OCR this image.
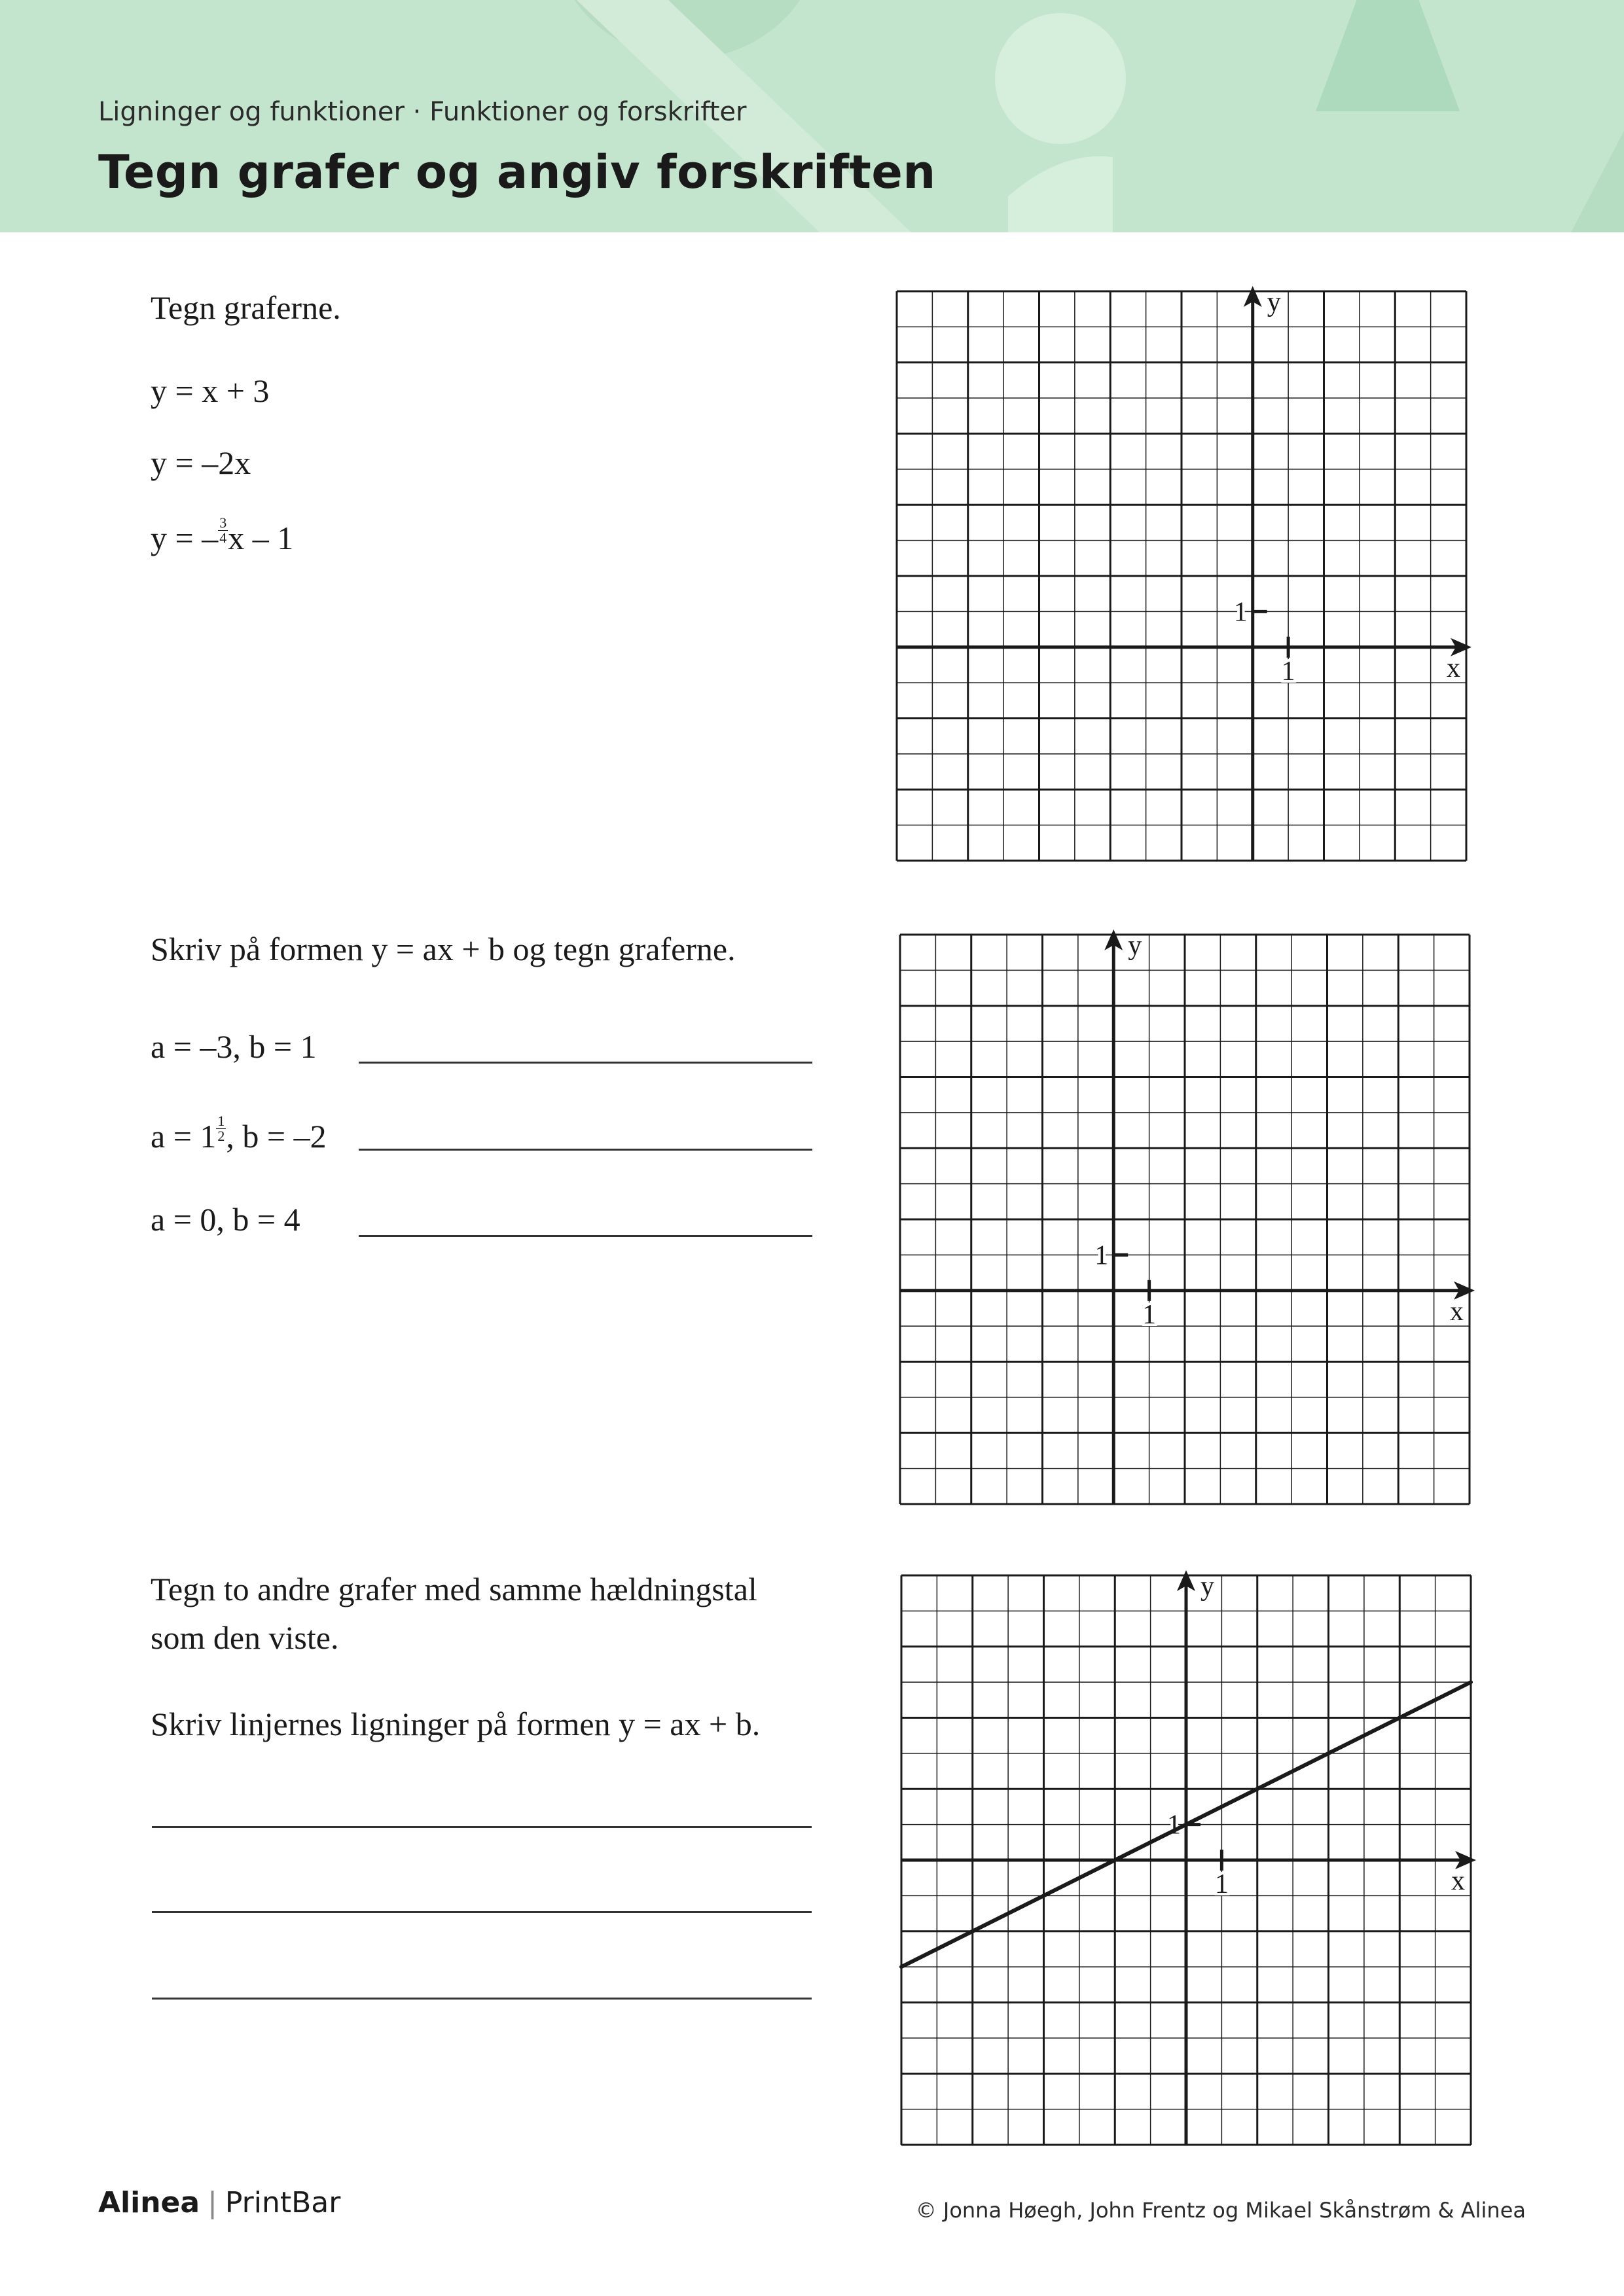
Ligninger og funktioner · Funktioner og forskrifter
Tegn grafer og angiv forskriften
Tegn graferne.
y = x + 3
y = –2x
y = – $\frac{3}{4}$ x – 1
Skriv på formen y = ax + b og tegn graferne.
a = –3, b = 1
$a = 1 \frac{1}{2}$ , b = –2
a = 0, b = 4
Tegn to andre grafer med samme hældningstal
som den viste.
Skriv linjernes ligninger på formen y = ax + b.
1
1
x
y
1
1
x
y
1
1
x
y
Alinea | PrintBar	© Jonna Høegh, John Frentz og Mikael Skånstrøm & Alinea
